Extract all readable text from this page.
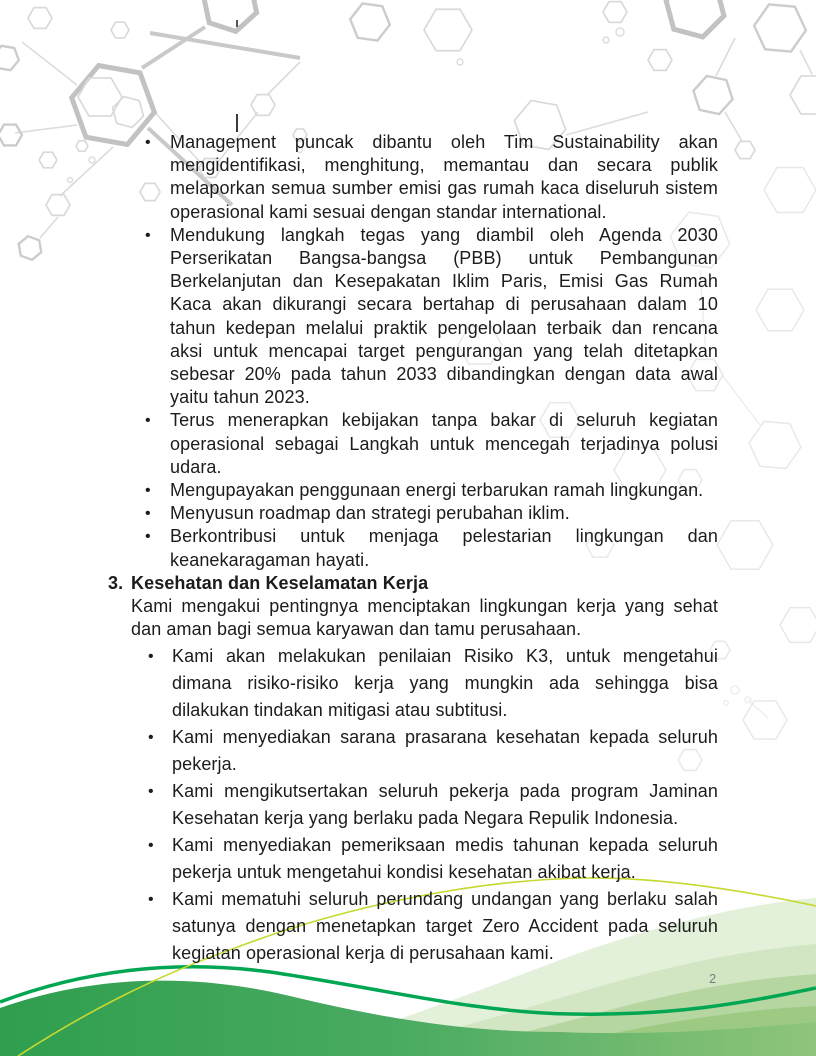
• Management puncak dibantu oleh Tim Sustainability akan mengidentifikasi, menghitung, memantau dan secara publik melaporkan semua sumber emisi gas rumah kaca diseluruh sistem operasional kami sesuai dengan standar international.
• Mendukung langkah tegas yang diambil oleh Agenda 2030 Perserikatan Bangsa-bangsa (PBB) untuk Pembangunan Berkelanjutan dan Kesepakatan Iklim Paris, Emisi Gas Rumah Kaca akan dikurangi secara bertahap di perusahaan dalam 10 tahun kedepan melalui praktik pengelolaan terbaik dan rencana aksi untuk mencapai target pengurangan yang telah ditetapkan sebesar 20% pada tahun 2033 dibandingkan dengan data awal yaitu tahun 2023.
• Terus menerapkan kebijakan tanpa bakar di seluruh kegiatan operasional sebagai Langkah untuk mencegah terjadinya polusi udara.
• Mengupayakan penggunaan energi terbarukan ramah lingkungan.
• Menyusun roadmap dan strategi perubahan iklim.
• Berkontribusi untuk menjaga pelestarian lingkungan dan keanekaragaman hayati.
3. Kesehatan dan Keselamatan Kerja

Kami mengakui pentingnya menciptakan lingkungan kerja yang sehat dan aman bagi semua karyawan dan tamu perusahaan.

• Kami akan melakukan penilaian Risiko K3, untuk mengetahui dimana risiko-risiko kerja yang mungkin ada sehingga bisa dilakukan tindakan mitigasi atau subtitusi.
• Kami menyediakan sarana prasarana kesehatan kepada seluruh pekerja.
• Kami mengikutsertakan seluruh pekerja pada program Jaminan Kesehatan kerja yang berlaku pada Negara Repulik Indonesia.
• Kami menyediakan pemeriksaan medis tahunan kepada seluruh pekerja untuk mengetahui kondisi kesehatan akibat kerja.
• Kami mematuhi seluruh perundang undangan yang berlaku salah satunya dengan menetapkan target Zero Accident pada seluruh kegiatan operasional kerja di perusahaan kami.
2
